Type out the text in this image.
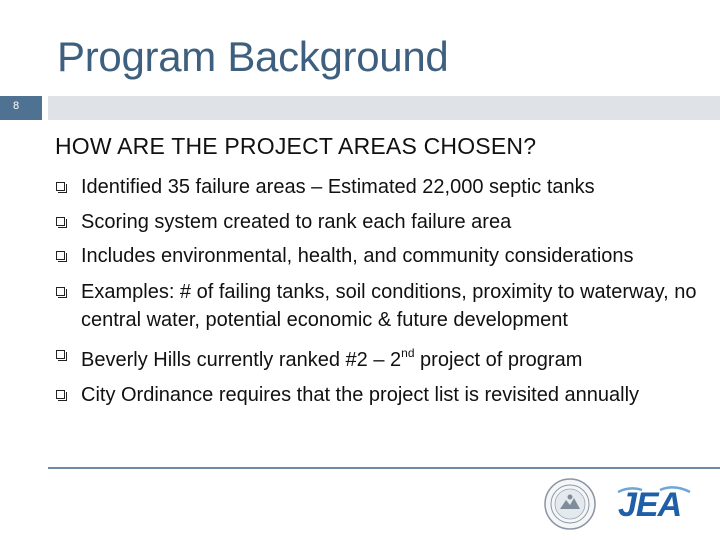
Program Background
8
HOW ARE THE PROJECT AREAS CHOSEN?
Identified 35 failure areas – Estimated 22,000 septic tanks
Scoring system created to rank each failure area
Includes environmental, health, and community considerations
Examples: # of failing tanks, soil conditions, proximity to waterway, no central water, potential economic & future development
Beverly Hills currently ranked #2 – 2nd project of program
City Ordinance requires that the project list is revisited annually
JEA
